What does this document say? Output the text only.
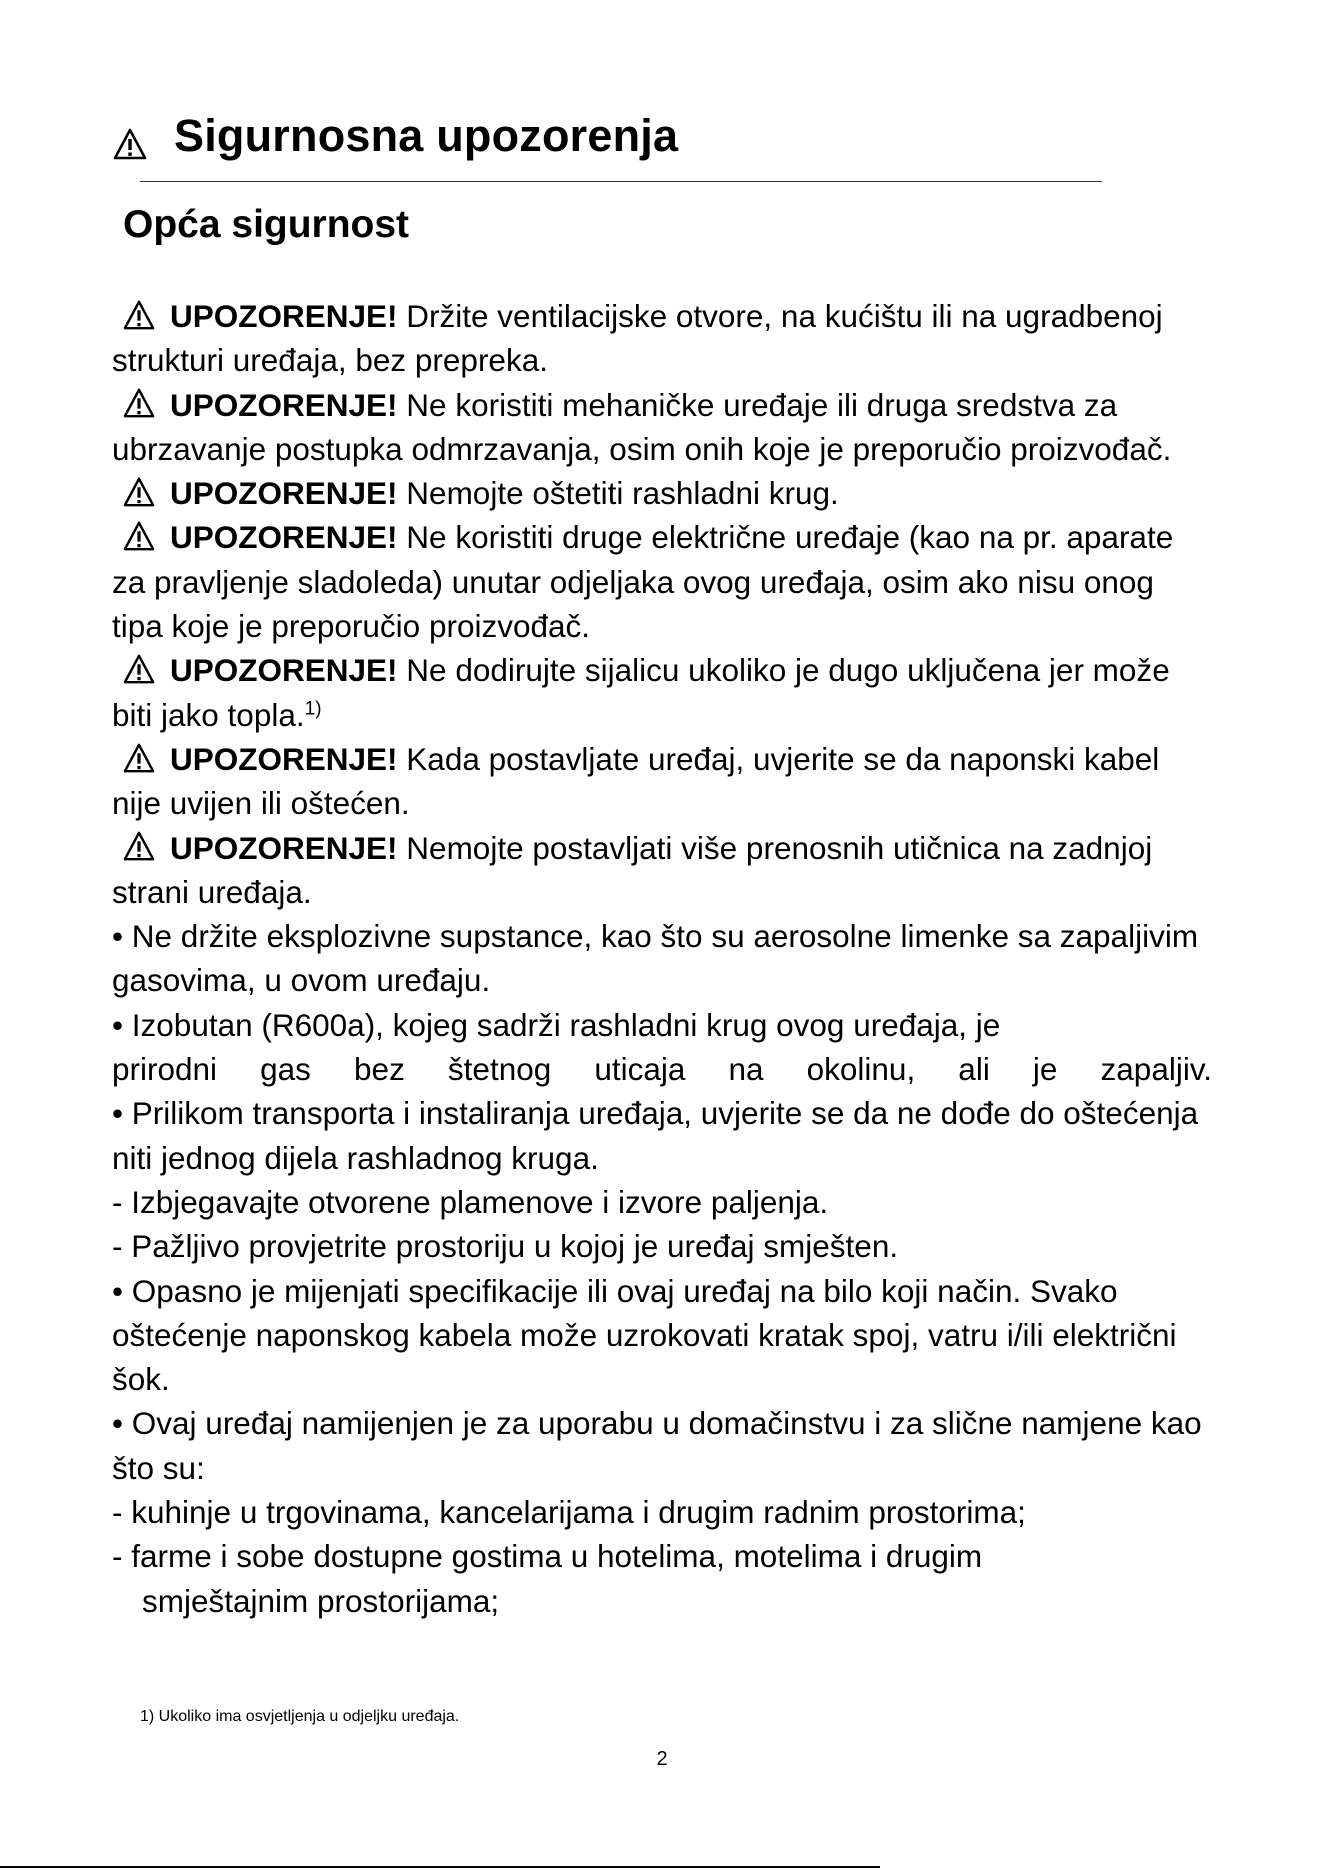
Sigurnosna upozorenja
Opća sigurnost
UPOZORENJE! Držite ventilacijske otvore, na kućištu ili na ugradbenoj strukturi uređaja, bez prepreka.
UPOZORENJE! Ne koristiti mehaničke uređaje ili druga sredstva za ubrzavanje postupka odmrzavanja, osim onih koje je preporučio proizvođač.
UPOZORENJE! Nemojte oštetiti rashladni krug.
UPOZORENJE! Ne koristiti druge električne uređaje (kao na pr. aparate za pravljenje sladoleda) unutar odjeljaka ovog uređaja, osim ako nisu onog tipa koje je preporučio proizvođač.
UPOZORENJE! Ne dodirujte sijalicu ukoliko je dugo uključena jer može biti jako topla.$^{1)}$
UPOZORENJE! Kada postavljate uređaj, uvjerite se da naponski kabel nije uvijen ili oštećen.
UPOZORENJE! Nemojte postavljati više prenosnih utičnica na zadnjoj strani uređaja.
• Ne držite eksplozivne supstance, kao što su aerosolne limenke sa zapaljivim gasovima, u ovom uređaju.
• Izobutan (R600a), kojeg sadrži rashladni krug ovog uređaja, je
prirodni gas bez štetnog uticaja na okolinu, ali je zapaljiv.
• Prilikom transporta i instaliranja uređaja, uvjerite se da ne dođe do oštećenja niti jednog dijela rashladnog kruga.
- Izbjegavajte otvorene plamenove i izvore paljenja.
- Pažljivo provjetrite prostoriju u kojoj je uređaj smješten.
• Opasno je mijenjati specifikacije ili ovaj uređaj na bilo koji način. Svako oštećenje naponskog kabela može uzrokovati kratak spoj, vatru i/ili električni šok.
• Ovaj uređaj namijenjen je za uporabu u domačinstvu i za slične namjene kao što su:
- kuhinje u trgovinama, kancelarijama i drugim radnim prostorima;
- farme i sobe dostupne gostima u hotelima, motelima i drugim
smještajnim prostorijama;
1) Ukoliko ima osvjetljenja u odjeljku uređaja.
2
